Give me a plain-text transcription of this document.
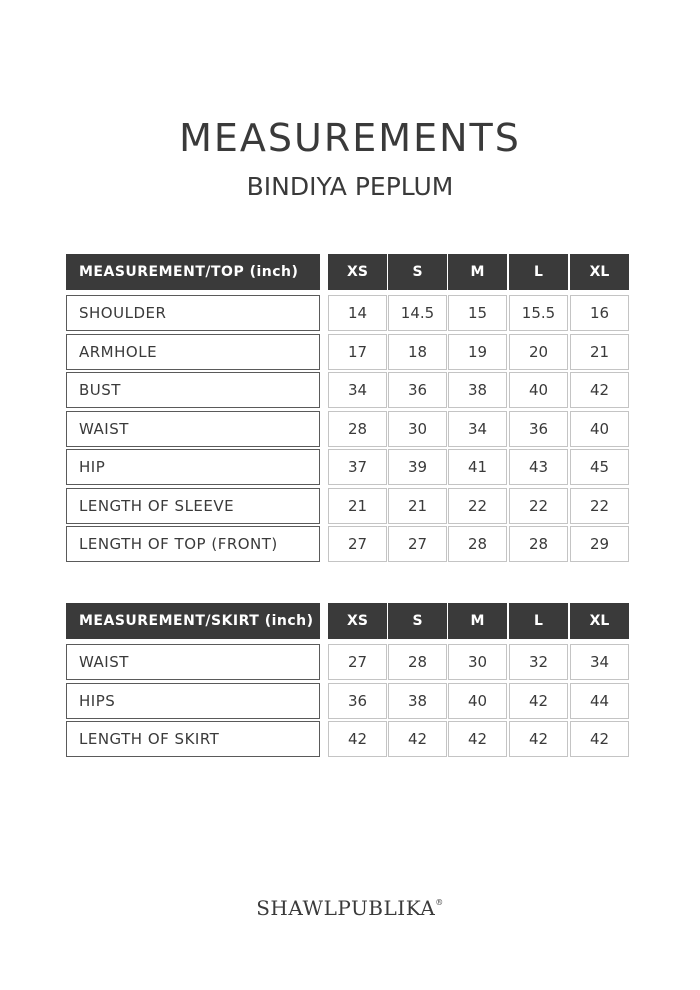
MEASUREMENTS
BINDIYA PEPLUM
MEASUREMENT/TOP (inch)	XS	S	M	L	XL
SHOULDER	14	14.5	15	15.5	16
ARMHOLE	17	18	19	20	21
BUST	34	36	38	40	42
WAIST	28	30	34	36	40
HIP	37	39	41	43	45
LENGTH OF SLEEVE	21	21	22	22	22
LENGTH OF TOP (FRONT)	27	27	28	28	29
MEASUREMENT/SKIRT (inch)	XS	S	M	L	XL
WAIST	27	28	30	32	34
HIPS	36	38	40	42	44
LENGTH OF SKIRT	42	42	42	42	42
SHAWLPUBLIKA®
